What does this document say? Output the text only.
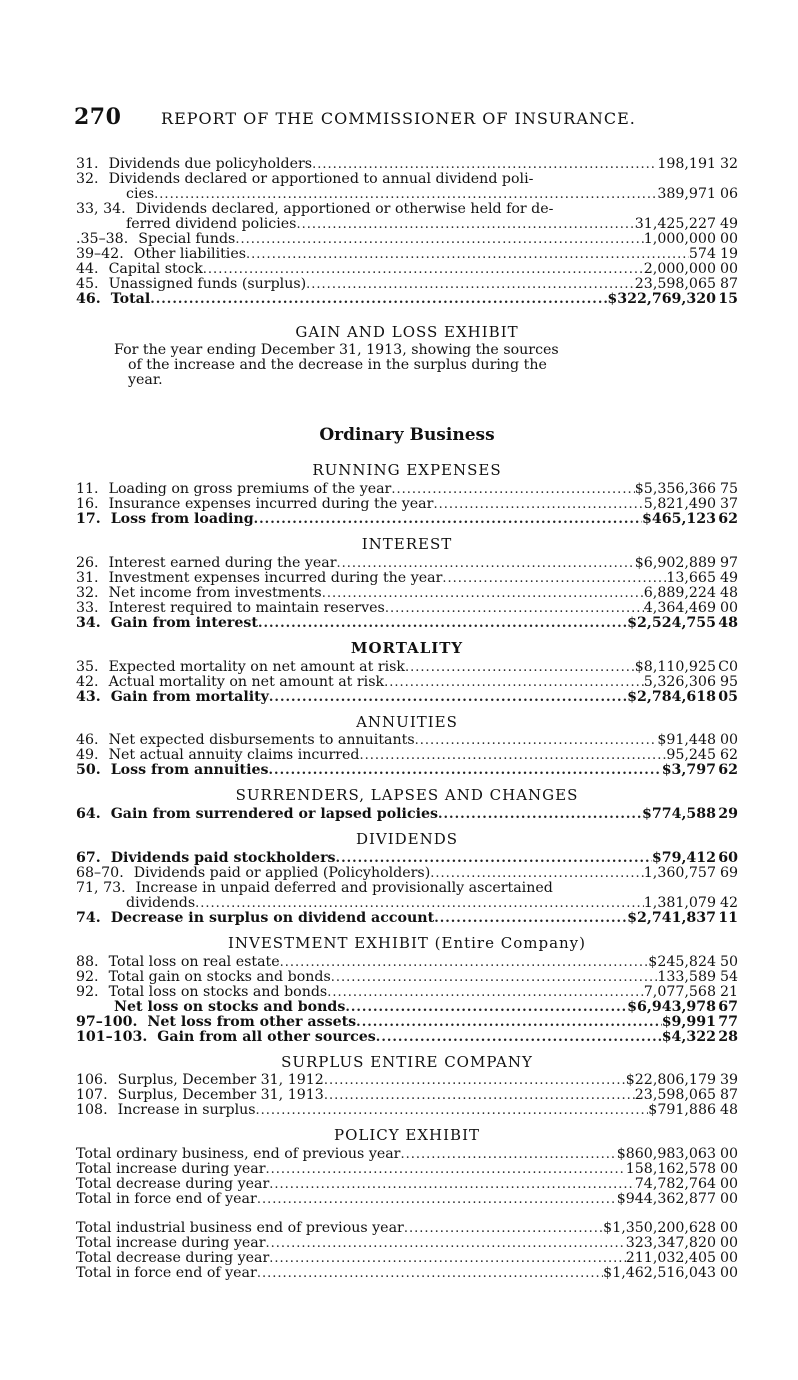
270 REPORT OF THE COMMISSIONER OF INSURANCE.
31. Dividends due policyholders .....	198,191 32
32. Dividends declared or apportioned to annual dividend poli-
cies .....	389,971 06
33, 34. Dividends declared, apportioned or otherwise held for de-
ferred dividend policies .....	31,425,227 49
.35–38. Special funds .....	1,000,000 00
39–42. Other liabilities .....	574 19
44. Capital stock .....	2,000,000 00
45. Unassigned funds (surplus) .....	23,598,065 87
46. Total .....	$322,769,320 15
GAIN AND LOSS EXHIBIT
For the year ending December 31, 1913, showing the sources
of the increase and the decrease in the surplus during the
year.
Ordinary Business
RUNNING EXPENSES
11. Loading on gross premiums of the year .....	$5,356,366 75
16. Insurance expenses incurred during the year .....	5,821,490 37
17. Loss from loading .....	$465,123 62
INTEREST
26. Interest earned during the year .....	$6,902,889 97
31. Investment expenses incurred during the year .....	13,665 49
32. Net income from investments .....	6,889,224 48
33. Interest required to maintain reserves .....	4,364,469 00
34. Gain from interest .....	$2,524,755 48
MORTALITY
35. Expected mortality on net amount at risk .....	$8,110,925 C0
42. Actual mortality on net amount at risk .....	5,326,306 95
43. Gain from mortality .....	$2,784,618 05
ANNUITIES
46. Net expected disbursements to annuitants .....	$91,448 00
49. Net actual annuity claims incurred .....	95,245 62
50. Loss from annuities .....	$3,797 62
SURRENDERS, LAPSES AND CHANGES
64. Gain from surrendered or lapsed policies .....	$774,588 29
DIVIDENDS
67. Dividends paid stockholders .....	$79,412 60
68–70. Dividends paid or applied (Policyholders) .....	1,360,757 69
71, 73. Increase in unpaid deferred and provisionally ascertained
dividends .....	1,381,079 42
74. Decrease in surplus on dividend account .....	$2,741,837 11
INVESTMENT EXHIBIT (Entire Company)
88. Total loss on real estate .....	$245,824 50
92. Total gain on stocks and bonds .....	133,589 54
92. Total loss on stocks and bonds .....	7,077,568 21
Net loss on stocks and bonds .....	$6,943,978 67
97–100. Net loss from other assets .....	$9,991 77
101–103. Gain from all other sources .....	$4,322 28
SURPLUS ENTIRE COMPANY
106. Surplus, December 31, 1912 .....	$22,806,179 39
107. Surplus, December 31, 1913 .....	23,598,065 87
108. Increase in surplus .....	$791,886 48
POLICY EXHIBIT
Total ordinary business, end of previous year .....	$860,983,063 00
Total increase during year .....	158,162,578 00
Total decrease during year .....	74,782,764 00
Total in force end of year .....	$944,362,877 00
Total industrial business end of previous year .....	$1,350,200,628 00
Total increase during year .....	323,347,820 00
Total decrease during year .....	211,032,405 00
Total in force end of year .....	$1,462,516,043 00
